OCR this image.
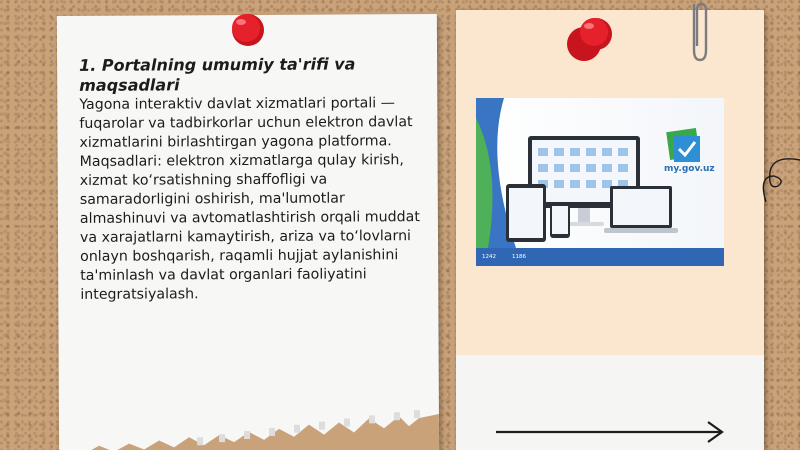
1. Portalning umumiy ta'rifi va maqsadlari
Yagona interaktiv davlat xizmatlari portali — fuqarolar va tadbirkorlar uchun elektron davlat xizmatlarini birlashtirgan yagona platforma. Maqsadlari: elektron xizmatlarga qulay kirish, xizmat ko‘rsatishning shaffofligi va samaradorligini oshirish, ma'lumotlar almashinuvi va avtomatlashtirish orqali muddat va xarajatlarni kamaytirish, ariza va to‘lovlarni onlayn boshqarish, raqamli hujjat aylanishini ta'minlash va davlat organlari faoliyatini integratsiyalash.
my.gov.uz
1242	1186
